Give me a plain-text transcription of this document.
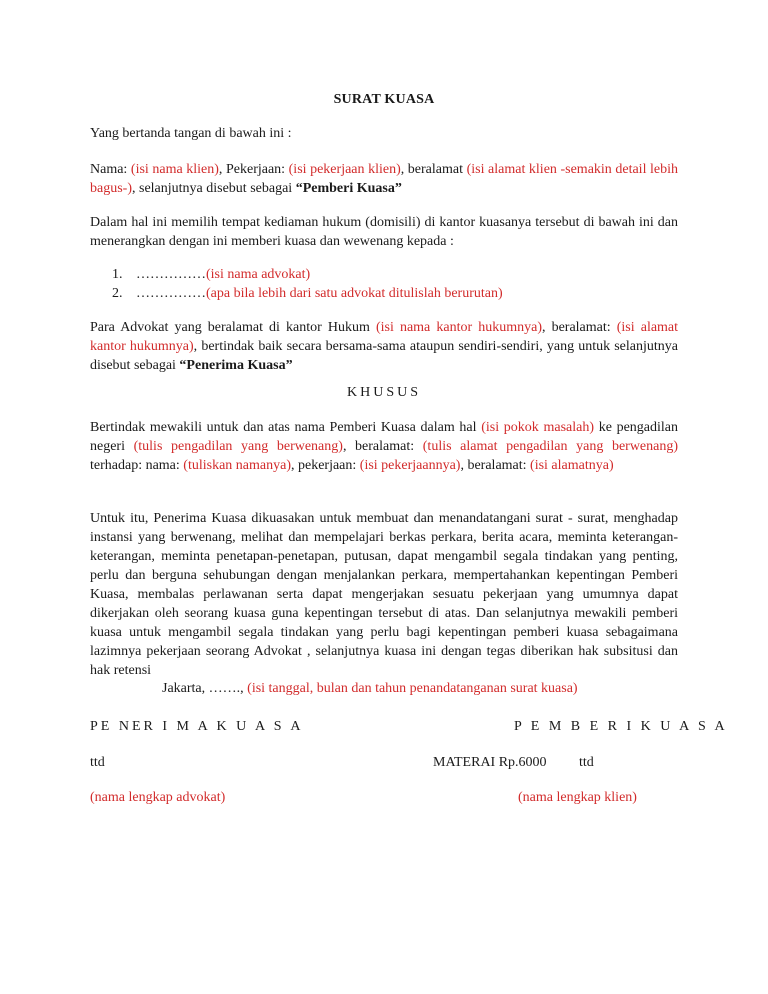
SURAT KUASA
Yang bertanda tangan di bawah ini :
Nama: (isi nama klien), Pekerjaan: (isi pekerjaan klien), beralamat (isi alamat klien -semakin detail lebih bagus-), selanjutnya disebut sebagai “Pemberi Kuasa”
Dalam hal ini memilih tempat kediaman hukum (domisili) di kantor kuasanya tersebut di bawah ini dan menerangkan dengan ini memberi kuasa dan wewenang kepada :
1. ……………(isi nama advokat)
2. ……………(apa bila lebih dari satu advokat ditulislah berurutan)
Para Advokat yang beralamat di kantor Hukum (isi nama kantor hukumnya), beralamat: (isi alamat kantor hukumnya), bertindak baik secara bersama-sama ataupun sendiri-sendiri, yang untuk selanjutnya disebut sebagai “Penerima Kuasa”
KHUSUS
Bertindak mewakili untuk dan atas nama Pemberi Kuasa dalam hal (isi pokok masalah) ke pengadilan negeri (tulis pengadilan yang berwenang), beralamat: (tulis alamat pengadilan yang berwenang) terhadap: nama: (tuliskan namanya), pekerjaan: (isi pekerjaannya), beralamat: (isi alamatnya)
Untuk itu, Penerima Kuasa dikuasakan untuk membuat dan menandatangani surat - surat, menghadap instansi yang berwenang, melihat dan mempelajari berkas perkara, berita acara, meminta keterangan-keterangan, meminta penetapan-penetapan, putusan, dapat mengambil segala tindakan yang penting, perlu dan berguna sehubungan dengan menjalankan perkara, mempertahankan kepentingan Pemberi Kuasa, membalas perlawanan serta dapat mengerjakan sesuatu pekerjaan yang umumnya dapat dikerjakan oleh seorang kuasa guna kepentingan tersebut di atas. Dan selanjutnya mewakili pemberi kuasa untuk mengambil segala tindakan yang perlu bagi kepentingan pemberi kuasa sebagaimana lazimnya pekerjaan seorang Advokat , selanjutnya kuasa ini dengan tegas diberikan hak subsitusi dan hak retensi
Jakarta, ……., (isi tanggal, bulan dan tahun penandatanganan surat kuasa)
PE NER I M A K U A S A	P E M B E R I K U A S A
ttd	MATERAI Rp.6000 ttd
(nama lengkap advokat)	(nama lengkap klien)
